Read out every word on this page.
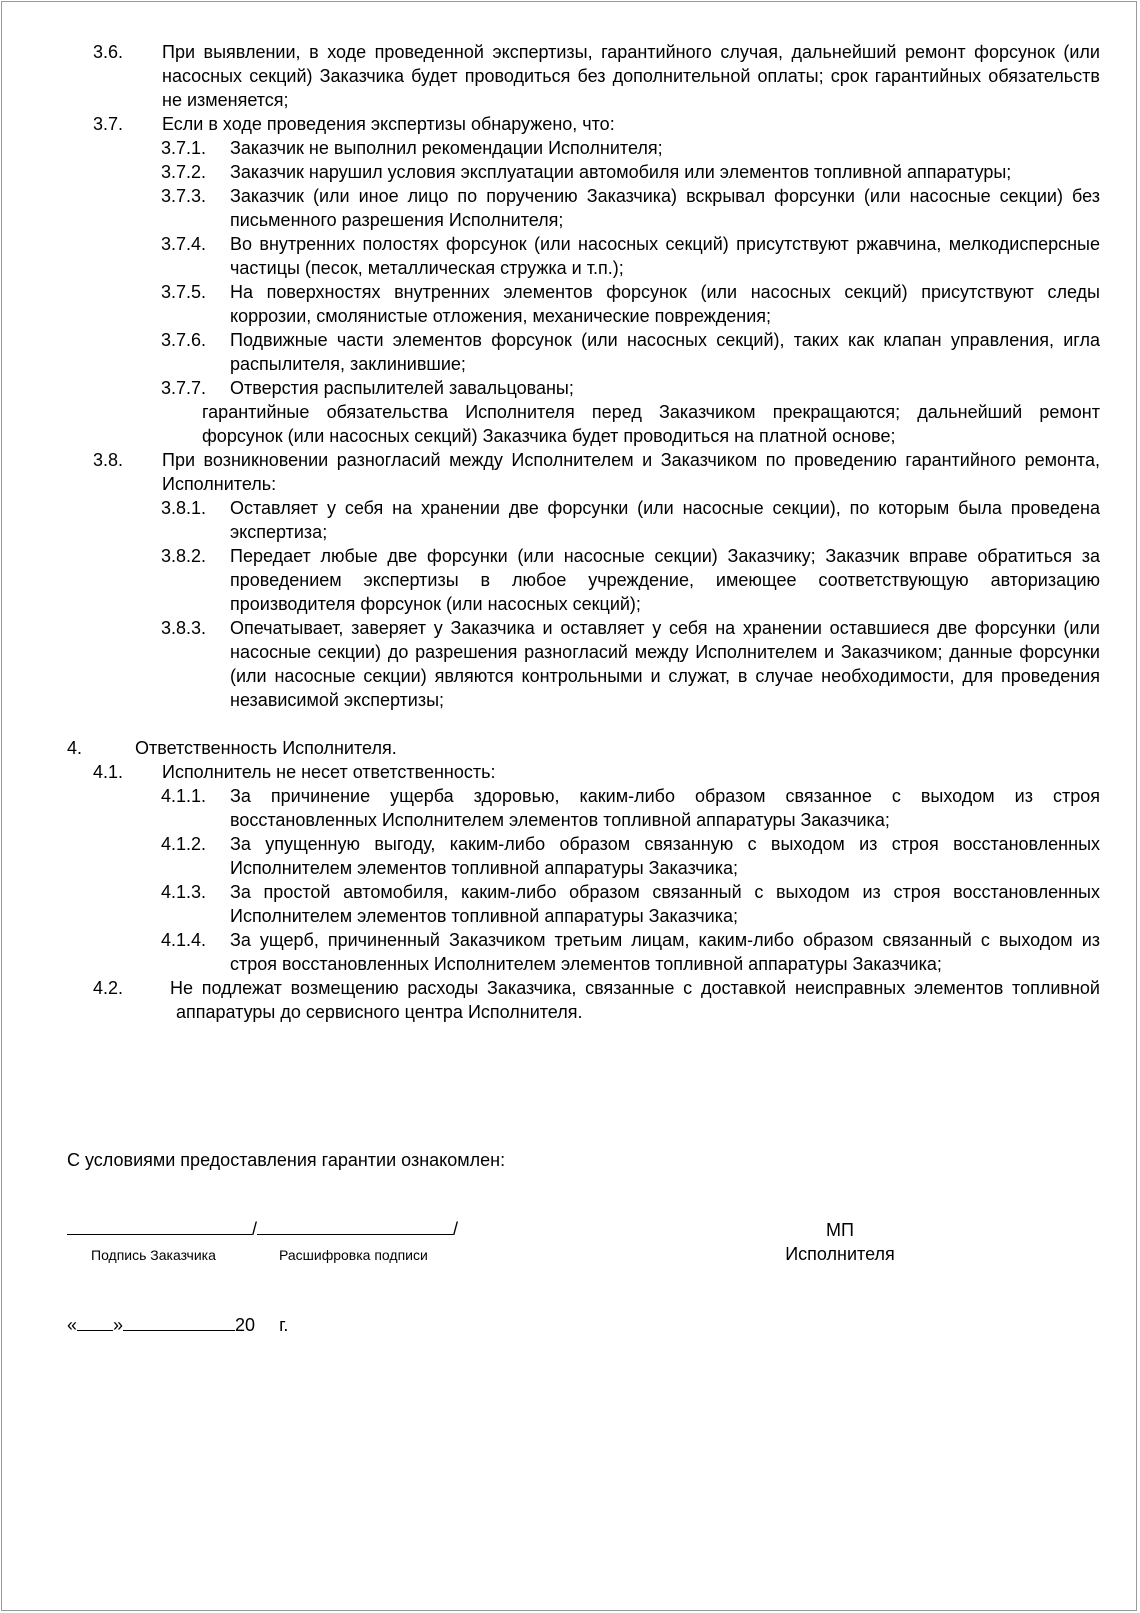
3.6. При выявлении, в ходе проведенной экспертизы, гарантийного случая, дальнейший ремонт форсунок (или насосных секций) Заказчика будет проводиться без дополнительной оплаты; срок гарантийных обязательств не изменяется;
3.7. Если в ходе проведения экспертизы обнаружено, что:
3.7.1. Заказчик не выполнил рекомендации Исполнителя;
3.7.2. Заказчик нарушил условия эксплуатации автомобиля или элементов топливной аппаратуры;
3.7.3. Заказчик (или иное лицо по поручению Заказчика) вскрывал форсунки (или насосные секции) без письменного разрешения Исполнителя;
3.7.4. Во внутренних полостях форсунок (или насосных секций) присутствуют ржавчина, мелкодисперсные частицы (песок, металлическая стружка и т.п.);
3.7.5. На поверхностях внутренних элементов форсунок (или насосных секций) присутствуют следы коррозии, смолянистые отложения, механические повреждения;
3.7.6. Подвижные части элементов форсунок (или насосных секций), таких как клапан управления, игла распылителя, заклинившие;
3.7.7. Отверстия распылителей завальцованы;
гарантийные обязательства Исполнителя перед Заказчиком прекращаются; дальнейший ремонт форсунок (или насосных секций) Заказчика будет проводиться на платной основе;
3.8. При возникновении разногласий между Исполнителем и Заказчиком по проведению гарантийного ремонта, Исполнитель:
3.8.1. Оставляет у себя на хранении две форсунки (или насосные секции), по которым была проведена экспертиза;
3.8.2. Передает любые две форсунки (или насосные секции) Заказчику; Заказчик вправе обратиться за проведением экспертизы в любое учреждение, имеющее соответствующую авторизацию производителя форсунок (или насосных секций);
3.8.3. Опечатывает, заверяет у Заказчика и оставляет у себя на хранении оставшиеся две форсунки (или насосные секции) до разрешения разногласий между Исполнителем и Заказчиком; данные форсунки (или насосные секции) являются контрольными и служат, в случае необходимости, для проведения независимой экспертизы;
4.	Ответственность Исполнителя.
4.1. Исполнитель не несет ответственность:
4.1.1. За причинение ущерба здоровью, каким-либо образом связанное с выходом из строя восстановленных Исполнителем элементов топливной аппаратуры Заказчика;
4.1.2. За упущенную выгоду, каким-либо образом связанную с выходом из строя восстановленных Исполнителем элементов топливной аппаратуры Заказчика;
4.1.3. За простой автомобиля, каким-либо образом связанный с выходом из строя восстановленных Исполнителем элементов топливной аппаратуры Заказчика;
4.1.4. За ущерб, причиненный Заказчиком третьим лицам, каким-либо образом связанный с выходом из строя восстановленных Исполнителем элементов топливной аппаратуры Заказчика;
4.2.	Не подлежат возмещению расходы Заказчика, связанные с доставкой неисправных элементов топливной аппаратуры до сервисного центра Исполнителя.
С условиями предоставления гарантии ознакомлен:
/	/
Подпись Заказчика	Расшифровка подписи
МП
Исполнителя
« »	20 г.
